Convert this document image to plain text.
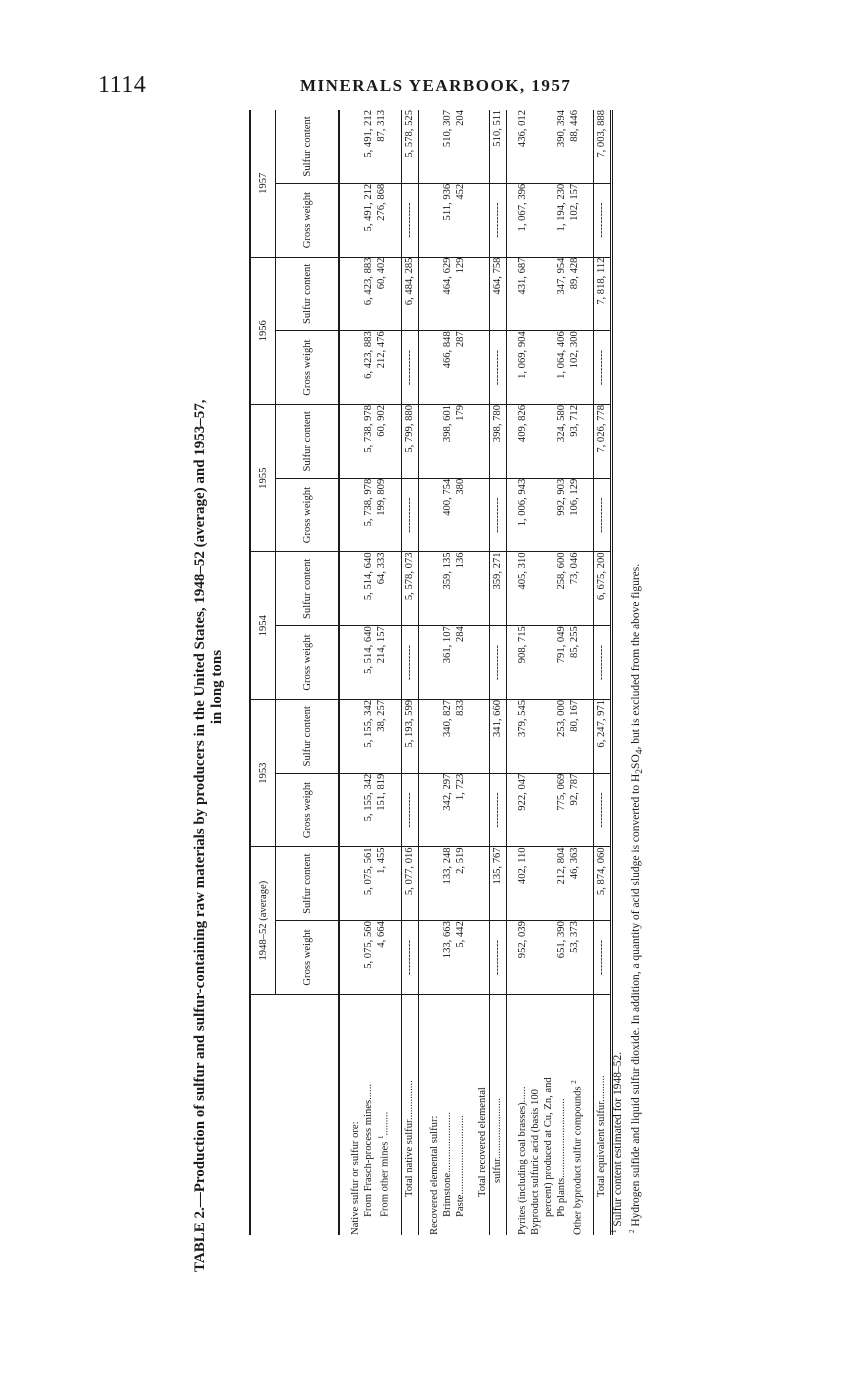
1114	MINERALS YEARBOOK, 1957
TABLE 2.—Production of sulfur and sulfur-containing raw materials by producers in the United States, 1948–52 (average) and 1953–57, in long tons
	1948–52 (average)		1953		1954		1955		1956		1957	
	Gross weight	Sulfur content	Gross weight	Sulfur content	Gross weight	Sulfur content	Gross weight	Sulfur content	Gross weight	Sulfur content	Gross weight	Sulfur content

Native sulfur or sulfur ore:												
From Frasch-process mines......	5, 075, 560	5, 075, 561	5, 155, 342	5, 155, 342	5, 514, 640	5, 514, 640	5, 738, 978	5, 738, 978	6, 423, 883	6, 423, 883	5, 491, 212	5, 491, 212
From other mines $^1$.........	4, 664	1, 455	151, 819	38, 257	214, 157	64, 333	199, 809	60, 902	212, 476	60, 402	276, 868	87, 313

Total native sulfur...............	----------	5, 077, 016	----------	5, 193, 599	----------	5, 578, 073	----------	5, 799, 880	----------	6, 484, 285	----------	5, 578, 525

Recovered elemental sulfur:												
Brimstone.......................	133, 663	133, 248	342, 297	340, 827	361, 107	359, 135	400, 754	398, 601	466, 848	464, 629	511, 936	510, 307
Paste..............................	5, 442	2, 519	1, 723	833	284	136	380	179	287	129	452	204

Total recovered elemental												
sulfur.......................	----------	135, 767	----------	341, 660	----------	359, 271	----------	398, 780	----------	464, 758	----------	510, 511

Pyrites (including coal brasses)......	952, 039	402, 110	922, 047	379, 545	908, 715	405, 310	1, 006, 943	409, 826	1, 069, 904	431, 687	1, 067, 396	436, 012
Byproduct sulfuric acid (basis 100												
percent) produced at Cu, Zn, and												
Pb plants..............................	651, 390	212, 804	775, 069	253, 000	791, 049	258, 600	992, 903	324, 580	1, 064, 406	347, 954	1, 194, 230	390, 394
Other byproduct sulfur compounds $^2$	53, 373	46, 363	92, 787	80, 167	85, 255	73, 046	106, 129	93, 712	102, 300	89, 428	102, 157	88, 446

Total equivalent sulfur..........	----------	5, 874, 060	----------	6, 247, 971	----------	6, 675, 200	----------	7, 026, 778	----------	7, 818, 112	----------	7, 003, 888
$^1$ Sulfur content estimated for 1948–52.
$^2$ Hydrogen sulfide and liquid sulfur dioxide. In addition, a quantity of acid sludge is converted to $H_2SO_4$, but is excluded from the above figures.
